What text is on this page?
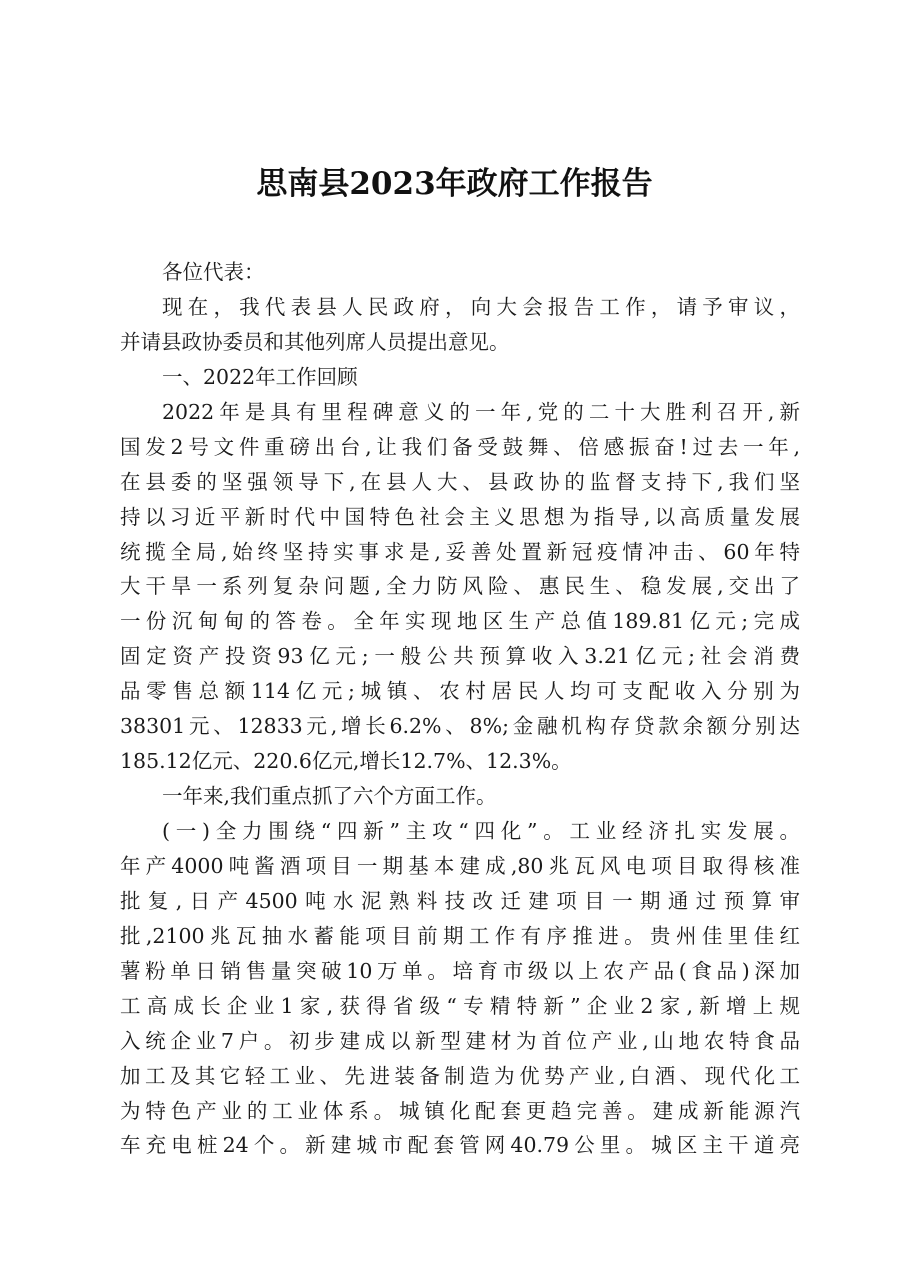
思南县2023年政府工作报告
各位代表：
现在，我代表县人民政府，向大会报告工作，请予审议，
并请县政协委员和其他列席人员提出意见。
一、2022年工作回顾
2022年是具有里程碑意义的一年,党的二十大胜利召开,新
国发2号文件重磅出台,让我们备受鼓舞、倍感振奋!过去一年,
在县委的坚强领导下,在县人大、县政协的监督支持下,我们坚
持以习近平新时代中国特色社会主义思想为指导,以高质量发展
统揽全局,始终坚持实事求是,妥善处置新冠疫情冲击、60年特
大干旱一系列复杂问题,全力防风险、惠民生、稳发展,交出了
一份沉甸甸的答卷。全年实现地区生产总值189.81亿元;完成
固定资产投资93亿元;一般公共预算收入3.21亿元;社会消费
品零售总额114亿元;城镇、农村居民人均可支配收入分别为
38301元、12833元,增长6.2%、8%;金融机构存贷款余额分别达
185.12亿元、220.6亿元,增长12.7%、12.3%。
一年来,我们重点抓了六个方面工作。
(一)全力围绕“四新”主攻“四化”。工业经济扎实发展。
年产4000吨酱酒项目一期基本建成,80兆瓦风电项目取得核准
批复,日产4500吨水泥熟料技改迁建项目一期通过预算审
批,2100兆瓦抽水蓄能项目前期工作有序推进。贵州佳里佳红
薯粉单日销售量突破10万单。培育市级以上农产品(食品)深加
工高成长企业1家,获得省级“专精特新”企业2家,新增上规
入统企业7户。初步建成以新型建材为首位产业,山地农特食品
加工及其它轻工业、先进装备制造为优势产业,白酒、现代化工
为特色产业的工业体系。城镇化配套更趋完善。建成新能源汽
车充电桩24个。新建城市配套管网40.79公里。城区主干道亮
